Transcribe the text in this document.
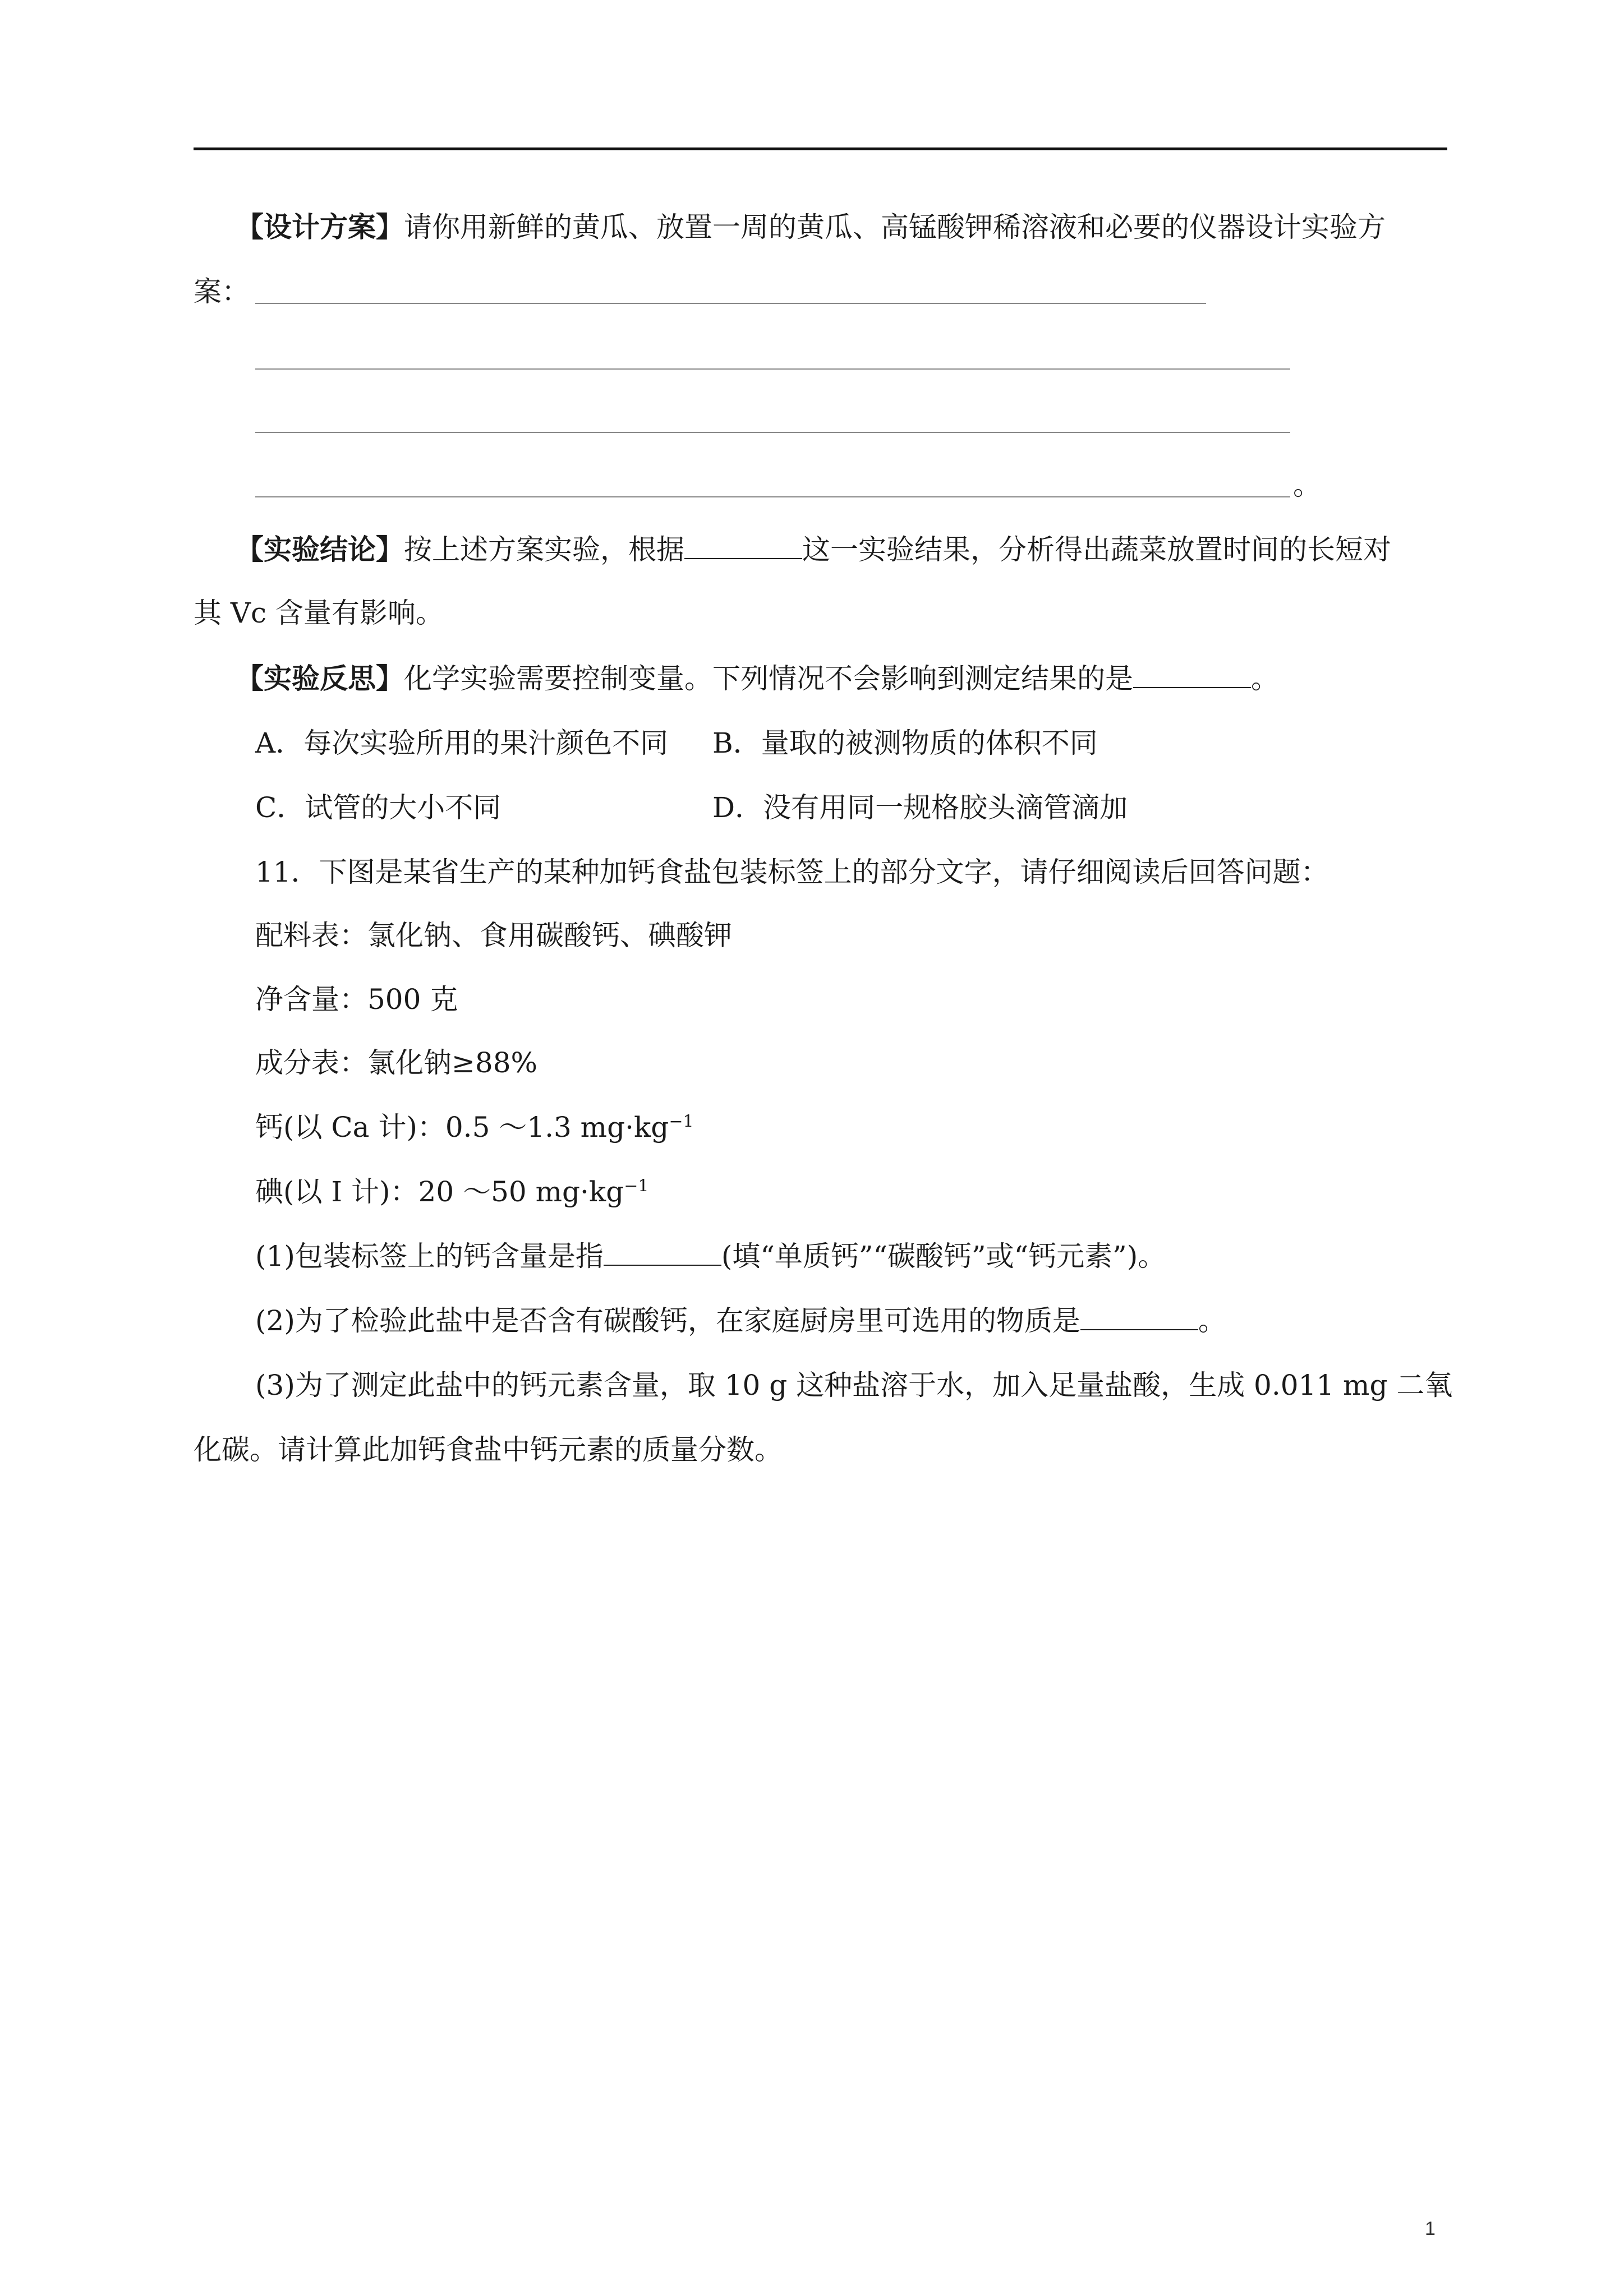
【设计方案】请你用新鲜的黄瓜、放置一周的黄瓜、高锰酸钾稀溶液和必要的仪器设计实验方
案：
。
【实验结论】按上述方案实验，根据	这一实验结果，分析得出蔬菜放置时间的长短对
其 Vc 含量有影响。
【实验反思】化学实验需要控制变量。下列情况不会影响到测定结果的是	。
A．每次实验所用的果汁颜色不同 B．量取的被测物质的体积不同
C．试管的大小不同	D．没有用同一规格胶头滴管滴加
11．下图是某省生产的某种加钙食盐包装标签上的部分文字，请仔细阅读后回答问题：
配料表：氯化钠、食用碳酸钙、碘酸钾
净含量：500 克
成分表：氯化钠≥88%
钙(以 Ca 计)：0.5 ～1.3 $mg\cdot kg^{-1}$
碘(以 I 计)：20 ～50 $mg\cdot kg^{-1}$
(1)包装标签上的钙含量是指	(填“单质钙”“碳酸钙”或“钙元素”)。
(2)为了检验此盐中是否含有碳酸钙，在家庭厨房里可选用的物质是	。
(3)为了测定此盐中的钙元素含量，取 10 g 这种盐溶于水，加入足量盐酸，生成 0.011 mg 二氧
化碳。请计算此加钙食盐中钙元素的质量分数。
1
